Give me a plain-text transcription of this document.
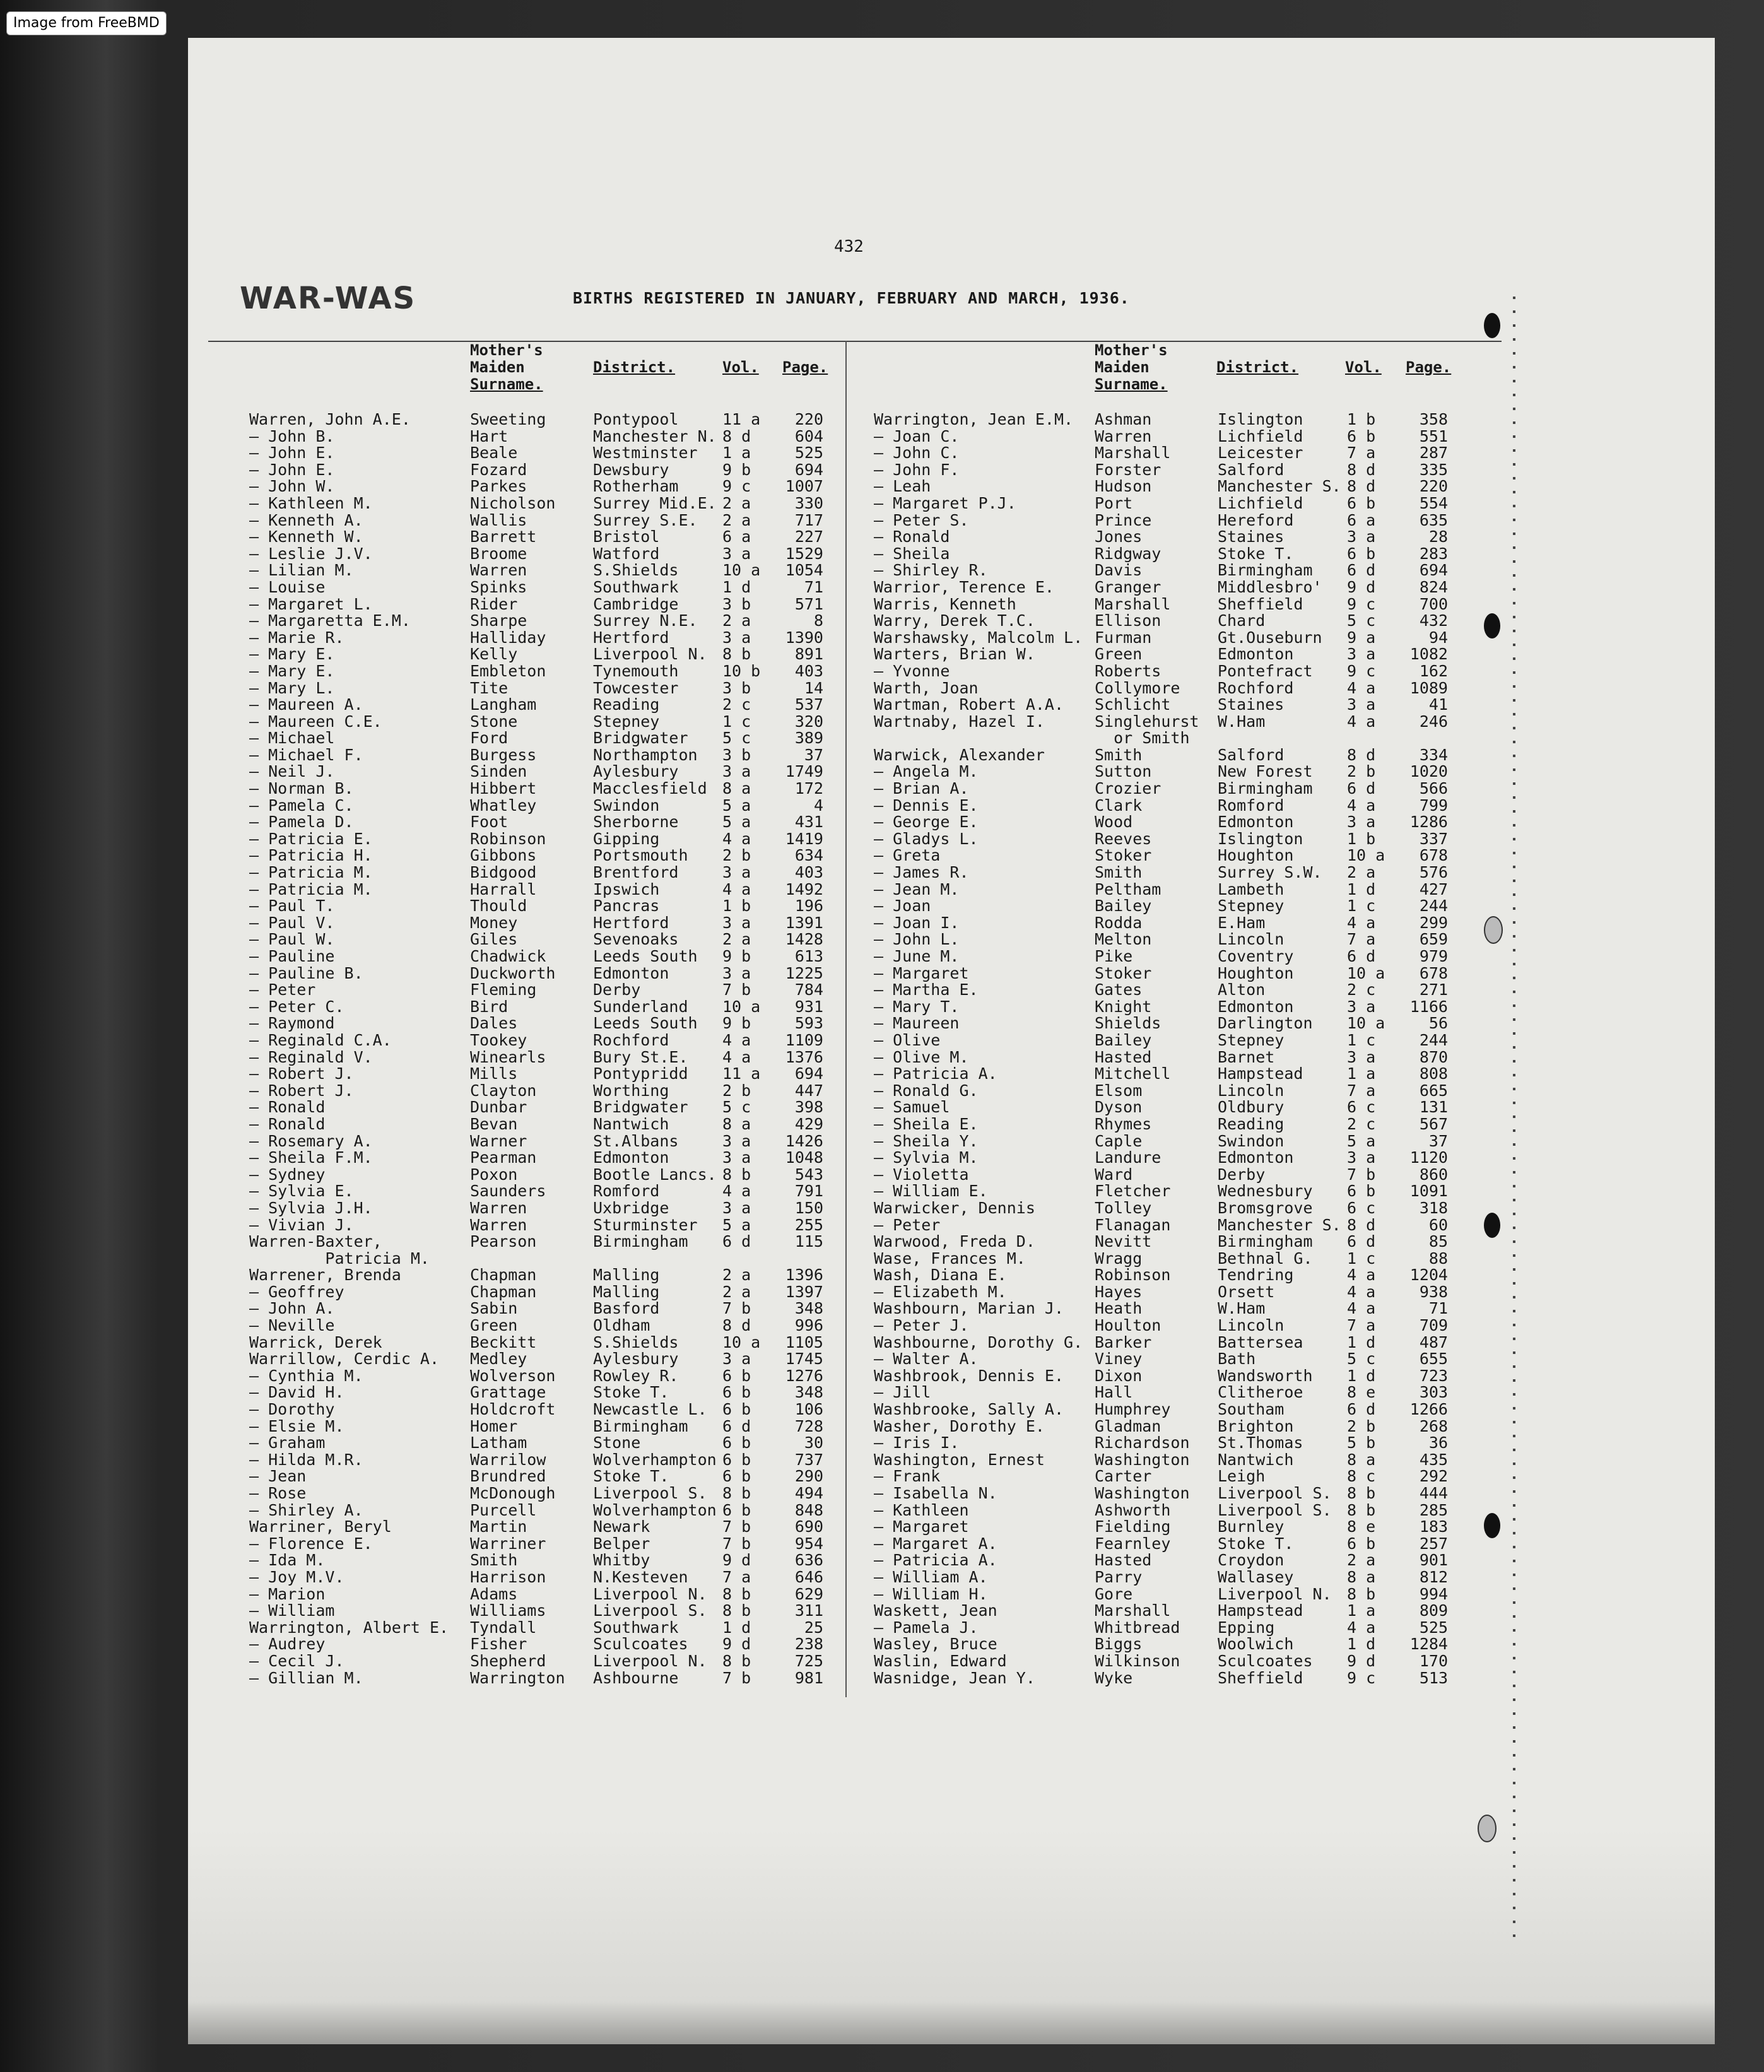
Image from FreeBMD
432
WAR-WAS	BIRTHS REGISTERED IN JANUARY, FEBRUARY AND MARCH, 1936.
Mother's
Maiden
Surname.
District.	Vol. Page.
Mother's
Maiden
Surname.
District.	Vol. Page.
Warren, John A.E.	Sweeting	Pontypool	11 a	220
— John B.	Hart	Manchester N. 8 d	604
— John E.	Beale	Westminster 1 a	525
— John E.	Fozard	Dewsbury	9 b	694
— John W.	Parkes	Rotherham	9 c	1007
— Kathleen M.	Nicholson Surrey Mid.E. 2 a	330
— Kenneth A.	Wallis	Surrey S.E. 2 a	717
— Kenneth W.	Barrett	Bristol	6 a	227
— Leslie J.V.	Broome	Watford	3 a	1529
— Lilian M.	Warren	S.Shields	10 a	1054
— Louise	Spinks	Southwark	1 d	71
— Margaret L.	Rider	Cambridge	3 b	571
— Margaretta E.M.	Sharpe	Surrey N.E. 2 a	8
— Marie R.	Halliday	Hertford	3 a	1390
— Mary E.	Kelly	Liverpool N. 8 b	891
— Mary E.	Embleton	Tynemouth	10 b	403
— Mary L.	Tite	Towcester	3 b	14
— Maureen A.	Langham	Reading	2 c	537
— Maureen C.E.	Stone	Stepney	1 c	320
— Michael	Ford	Bridgwater 5 c	389
— Michael F.	Burgess	Northampton 3 b	37
— Neil J.	Sinden	Aylesbury	3 a	1749
— Norman B.	Hibbert	Macclesfield 8 a	172
— Pamela C.	Whatley	Swindon	5 a	4
— Pamela D.	Foot	Sherborne	5 a	431
— Patricia E.	Robinson	Gipping	4 a	1419
— Patricia H.	Gibbons	Portsmouth 2 b	634
— Patricia M.	Bidgood	Brentford	3 a	403
— Patricia M.	Harrall	Ipswich	4 a	1492
— Paul T.	Thould	Pancras	1 b	196
— Paul V.	Money	Hertford	3 a	1391
— Paul W.	Giles	Sevenoaks	2 a	1428
— Pauline	Chadwick	Leeds South 9 b	613
— Pauline B.	Duckworth Edmonton	3 a	1225
— Peter	Fleming	Derby	7 b	784
— Peter C.	Bird	Sunderland 10 a	931
— Raymond	Dales	Leeds South 9 b	593
— Reginald C.A.	Tookey	Rochford	4 a	1109
— Reginald V.	Winearls	Bury St.E. 4 a	1376
— Robert J.	Mills	Pontypridd 11 a	694
— Robert J.	Clayton	Worthing	2 b	447
— Ronald	Dunbar	Bridgwater 5 c	398
— Ronald	Bevan	Nantwich	8 a	429
— Rosemary A.	Warner	St.Albans	3 a	1426
— Sheila F.M.	Pearman	Edmonton	3 a	1048
— Sydney	Poxon	Bootle Lancs. 8 b	543
— Sylvia E.	Saunders	Romford	4 a	791
— Sylvia J.H.	Warren	Uxbridge	3 a	150
— Vivian J.	Warren	Sturminster 5 a	255
Warren-Baxter,	Pearson	Birmingham 6 d	115
Patricia M.
Warrener, Brenda	Chapman	Malling	2 a	1396
— Geoffrey	Chapman	Malling	2 a	1397
— John A.	Sabin	Basford	7 b	348
— Neville	Green	Oldham	8 d	996
Warrick, Derek	Beckitt	S.Shields	10 a	1105
Warrillow, Cerdic A. Medley	Aylesbury	3 a	1745
— Cynthia M.	Wolverson Rowley R.	6 b	1276
— David H.	Grattage	Stoke T.	6 b	348
— Dorothy	Holdcroft Newcastle L. 6 b	106
— Elsie M.	Homer	Birmingham 6 d	728
— Graham	Latham	Stone	6 b	30
— Hilda M.R.	Warrilow	Wolverhampton 6 b	737
— Jean	Brundred	Stoke T.	6 b	290
— Rose	McDonough Liverpool S. 8 b	494
— Shirley A.	Purcell	Wolverhampton 6 b	848
Warriner, Beryl	Martin	Newark	7 b	690
— Florence E.	Warriner	Belper	7 b	954
— Ida M.	Smith	Whitby	9 d	636
— Joy M.V.	Harrison	N.Kesteven 7 a	646
— Marion	Adams	Liverpool N. 8 b	629
— William	Williams	Liverpool S. 8 b	311
Warrington, Albert E. Tyndall	Southwark	1 d	25
— Audrey	Fisher	Sculcoates 9 d	238
— Cecil J.	Shepherd	Liverpool N. 8 b	725
— Gillian M.	Warrington Ashbourne	7 b	981
Warrington, Jean E.M. Ashman	Islington	1 b	358
— Joan C.	Warren	Lichfield	6 b	551
— John C.	Marshall	Leicester	7 a	287
— John F.	Forster	Salford	8 d	335
— Leah	Hudson	Manchester S. 8 d	220
— Margaret P.J.	Port	Lichfield	6 b	554
— Peter S.	Prince	Hereford	6 a	635
— Ronald	Jones	Staines	3 a	28
— Sheila	Ridgway	Stoke T.	6 b	283
— Shirley R.	Davis	Birmingham 6 d	694
Warrior, Terence E.	Granger	Middlesbro' 9 d	824
Warris, Kenneth	Marshall	Sheffield	9 c	700
Warry, Derek T.C.	Ellison	Chard	5 c	432
Warshawsky, Malcolm L. Furman	Gt.Ouseburn 9 a	94
Warters, Brian W.	Green	Edmonton	3 a	1082
— Yvonne	Roberts	Pontefract 9 c	162
Warth, Joan	Collymore Rochford	4 a	1089
Wartman, Robert A.A. Schlicht	Staines	3 a	41
Wartnaby, Hazel I.	Singlehurst W.Ham	4 a	246
or Smith
Warwick, Alexander	Smith	Salford	8 d	334
— Angela M.	Sutton	New Forest 2 b	1020
— Brian A.	Crozier	Birmingham 6 d	566
— Dennis E.	Clark	Romford	4 a	799
— George E.	Wood	Edmonton	3 a	1286
— Gladys L.	Reeves	Islington	1 b	337
— Greta	Stoker	Houghton	10 a	678
— James R.	Smith	Surrey S.W. 2 a	576
— Jean M.	Peltham	Lambeth	1 d	427
— Joan	Bailey	Stepney	1 c	244
— Joan I.	Rodda	E.Ham	4 a	299
— John L.	Melton	Lincoln	7 a	659
— June M.	Pike	Coventry	6 d	979
— Margaret	Stoker	Houghton	10 a	678
— Martha E.	Gates	Alton	2 c	271
— Mary T.	Knight	Edmonton	3 a	1166
— Maureen	Shields	Darlington 10 a	56
— Olive	Bailey	Stepney	1 c	244
— Olive M.	Hasted	Barnet	3 a	870
— Patricia A.	Mitchell	Hampstead	1 a	808
— Ronald G.	Elsom	Lincoln	7 a	665
— Samuel	Dyson	Oldbury	6 c	131
— Sheila E.	Rhymes	Reading	2 c	567
— Sheila Y.	Caple	Swindon	5 a	37
— Sylvia M.	Landure	Edmonton	3 a	1120
— Violetta	Ward	Derby	7 b	860
— William E.	Fletcher	Wednesbury 6 b	1091
Warwicker, Dennis	Tolley	Bromsgrove 6 c	318
— Peter	Flanagan	Manchester S. 8 d	60
Warwood, Freda D.	Nevitt	Birmingham 6 d	85
Wase, Frances M.	Wragg	Bethnal G. 1 c	88
Wash, Diana E.	Robinson	Tendring	4 a	1204
— Elizabeth M.	Hayes	Orsett	4 a	938
Washbourn, Marian J. Heath	W.Ham	4 a	71
— Peter J.	Houlton	Lincoln	7 a	709
Washbourne, Dorothy G. Barker	Battersea	1 d	487
— Walter A.	Viney	Bath	5 c	655
Washbrook, Dennis E. Dixon	Wandsworth 1 d	723
— Jill	Hall	Clitheroe	8 e	303
Washbrooke, Sally A. Humphrey	Southam	6 d	1266
Washer, Dorothy E.	Gladman	Brighton	2 b	268
— Iris I.	Richardson St.Thomas	5 b	36
Washington, Ernest	Washington Nantwich	8 a	435
— Frank	Carter	Leigh	8 c	292
— Isabella N.	Washington Liverpool S. 8 b	444
— Kathleen	Ashworth	Liverpool S. 8 b	285
— Margaret	Fielding	Burnley	8 e	183
— Margaret A.	Fearnley	Stoke T.	6 b	257
— Patricia A.	Hasted	Croydon	2 a	901
— William A.	Parry	Wallasey	8 a	812
— William H.	Gore	Liverpool N. 8 b	994
Waskett, Jean	Marshall	Hampstead	1 a	809
— Pamela J.	Whitbread Epping	4 a	525
Wasley, Bruce	Biggs	Woolwich	1 d	1284
Waslin, Edward	Wilkinson Sculcoates 9 d	170
Wasnidge, Jean Y.	Wyke	Sheffield	9 c	513
